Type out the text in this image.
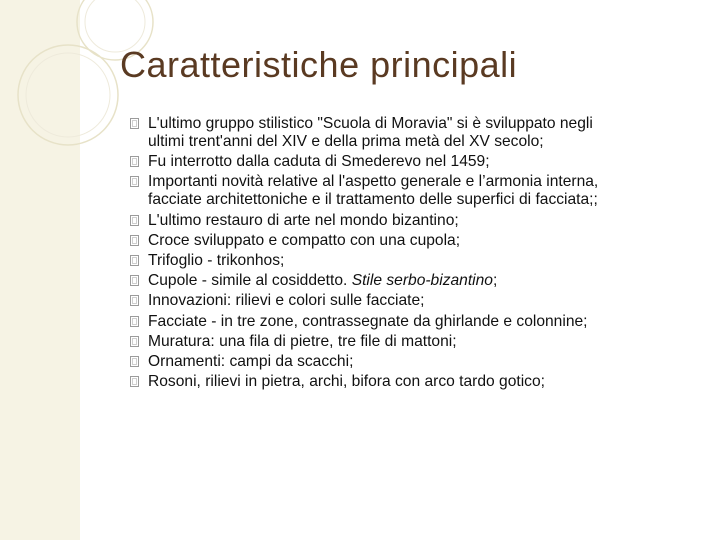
Caratteristiche principali
L'ultimo gruppo stilistico "Scuola di Moravia" si è sviluppato negli
ultimi trent'anni del XIV e della prima metà del XV secolo;
Fu interrotto dalla caduta di Smederevo nel 1459;
Importanti novità relative al l'aspetto generale e l’armonia interna,
facciate architettoniche e il trattamento delle superfici di facciata;;
L'ultimo restauro di arte nel mondo bizantino;
Croce sviluppato e compatto con una cupola;
Trifoglio - trikonhos;
Cupole - simile al cosiddetto. Stile serbo-bizantino;
Innovazioni: rilievi e colori sulle facciate;
Facciate - in tre zone, contrassegnate da ghirlande e colonnine;
Muratura: una fila di pietre, tre file di mattoni;
Ornamenti: campi da scacchi;
Rosoni, rilievi in pietra, archi, bifora con arco tardo gotico;
